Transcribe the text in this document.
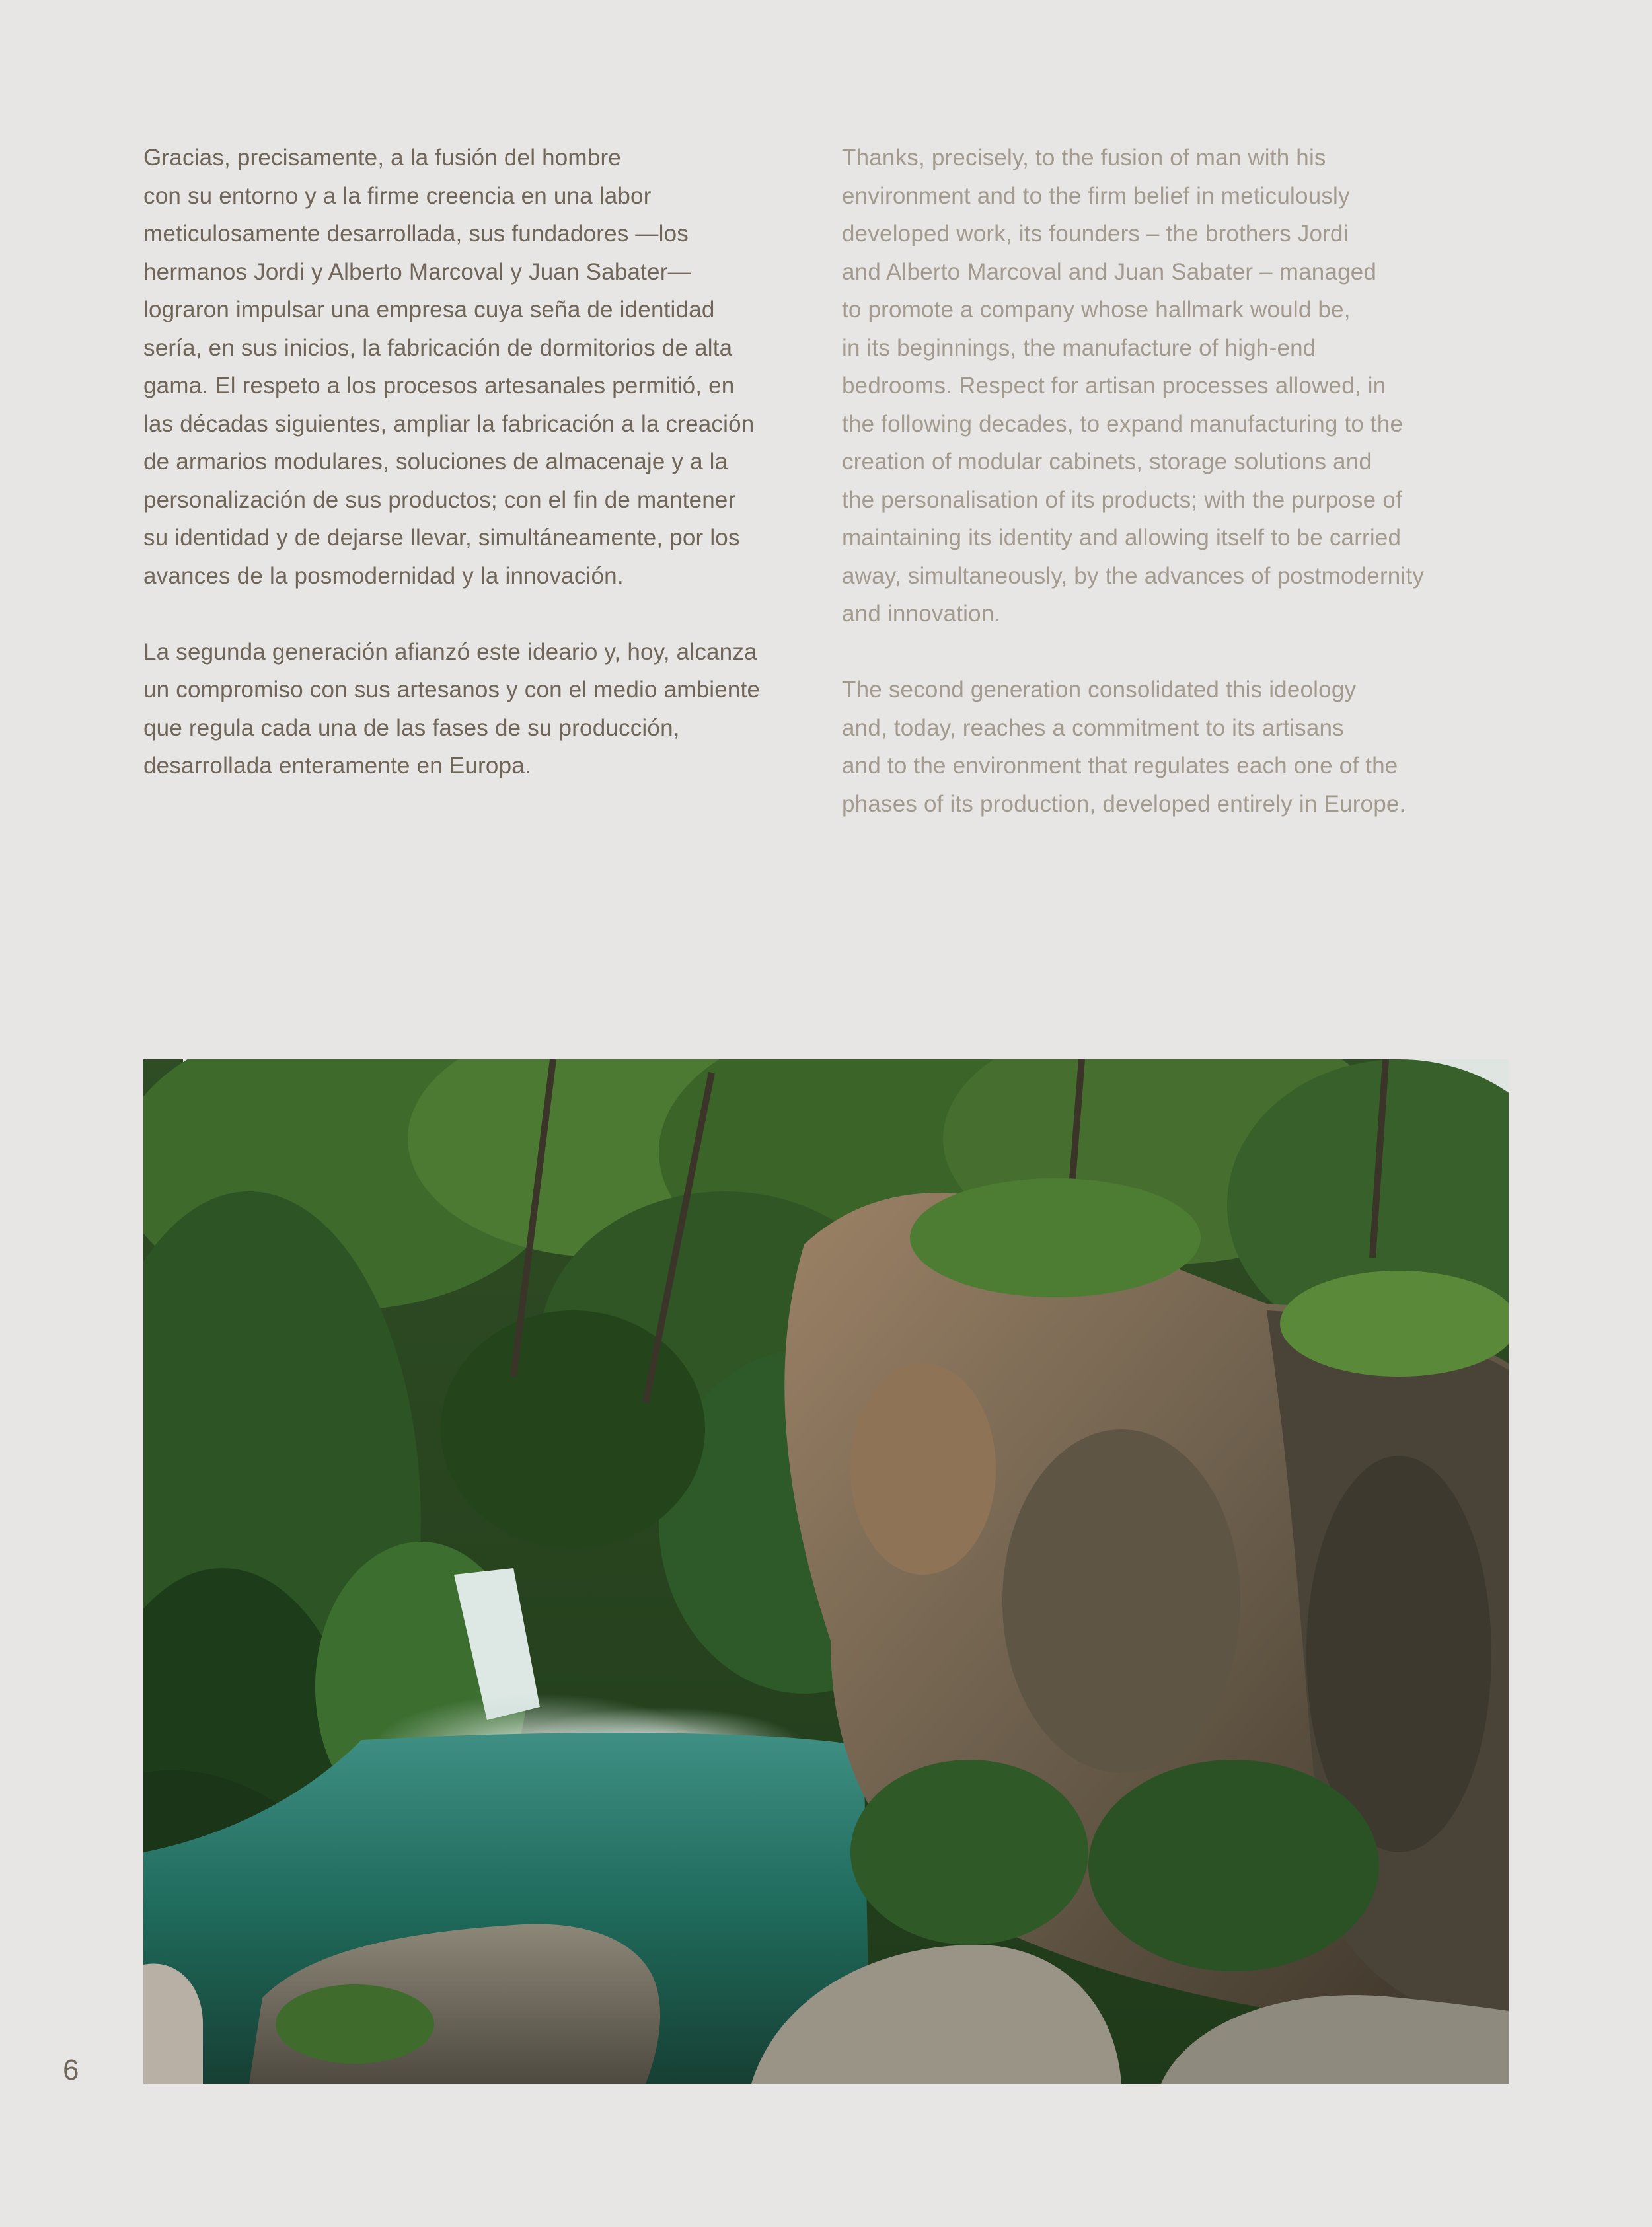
Gracias, precisamente, a la fusión del hombre
con su entorno y a la firme creencia en una labor
meticulosamente desarrollada, sus fundadores —los
hermanos Jordi y Alberto Marcoval y Juan Sabater—
lograron impulsar una empresa cuya seña de identidad
sería, en sus inicios, la fabricación de dormitorios de alta
gama. El respeto a los procesos artesanales permitió, en
las décadas siguientes, ampliar la fabricación a la creación
de armarios modulares, soluciones de almacenaje y a la
personalización de sus productos; con el fin de mantener
su identidad y de dejarse llevar, simultáneamente, por los
avances de la posmodernidad y la innovación.

La segunda generación afianzó este ideario y, hoy, alcanza
un compromiso con sus artesanos y con el medio ambiente
que regula cada una de las fases de su producción,
desarrollada enteramente en Europa.

Thanks, precisely, to the fusion of man with his
environment and to the firm belief in meticulously
developed work, its founders – the brothers Jordi
and Alberto Marcoval and Juan Sabater – managed
to promote a company whose hallmark would be,
in its beginnings, the manufacture of high-end
bedrooms. Respect for artisan processes allowed, in
the following decades, to expand manufacturing to the
creation of modular cabinets, storage solutions and
the personalisation of its products; with the purpose of
maintaining its identity and allowing itself to be carried
away, simultaneously, by the advances of postmodernity
and innovation.

The second generation consolidated this ideology
and, today, reaches a commitment to its artisans
and to the environment that regulates each one of the
phases of its production, developed entirely in Europe.

6
